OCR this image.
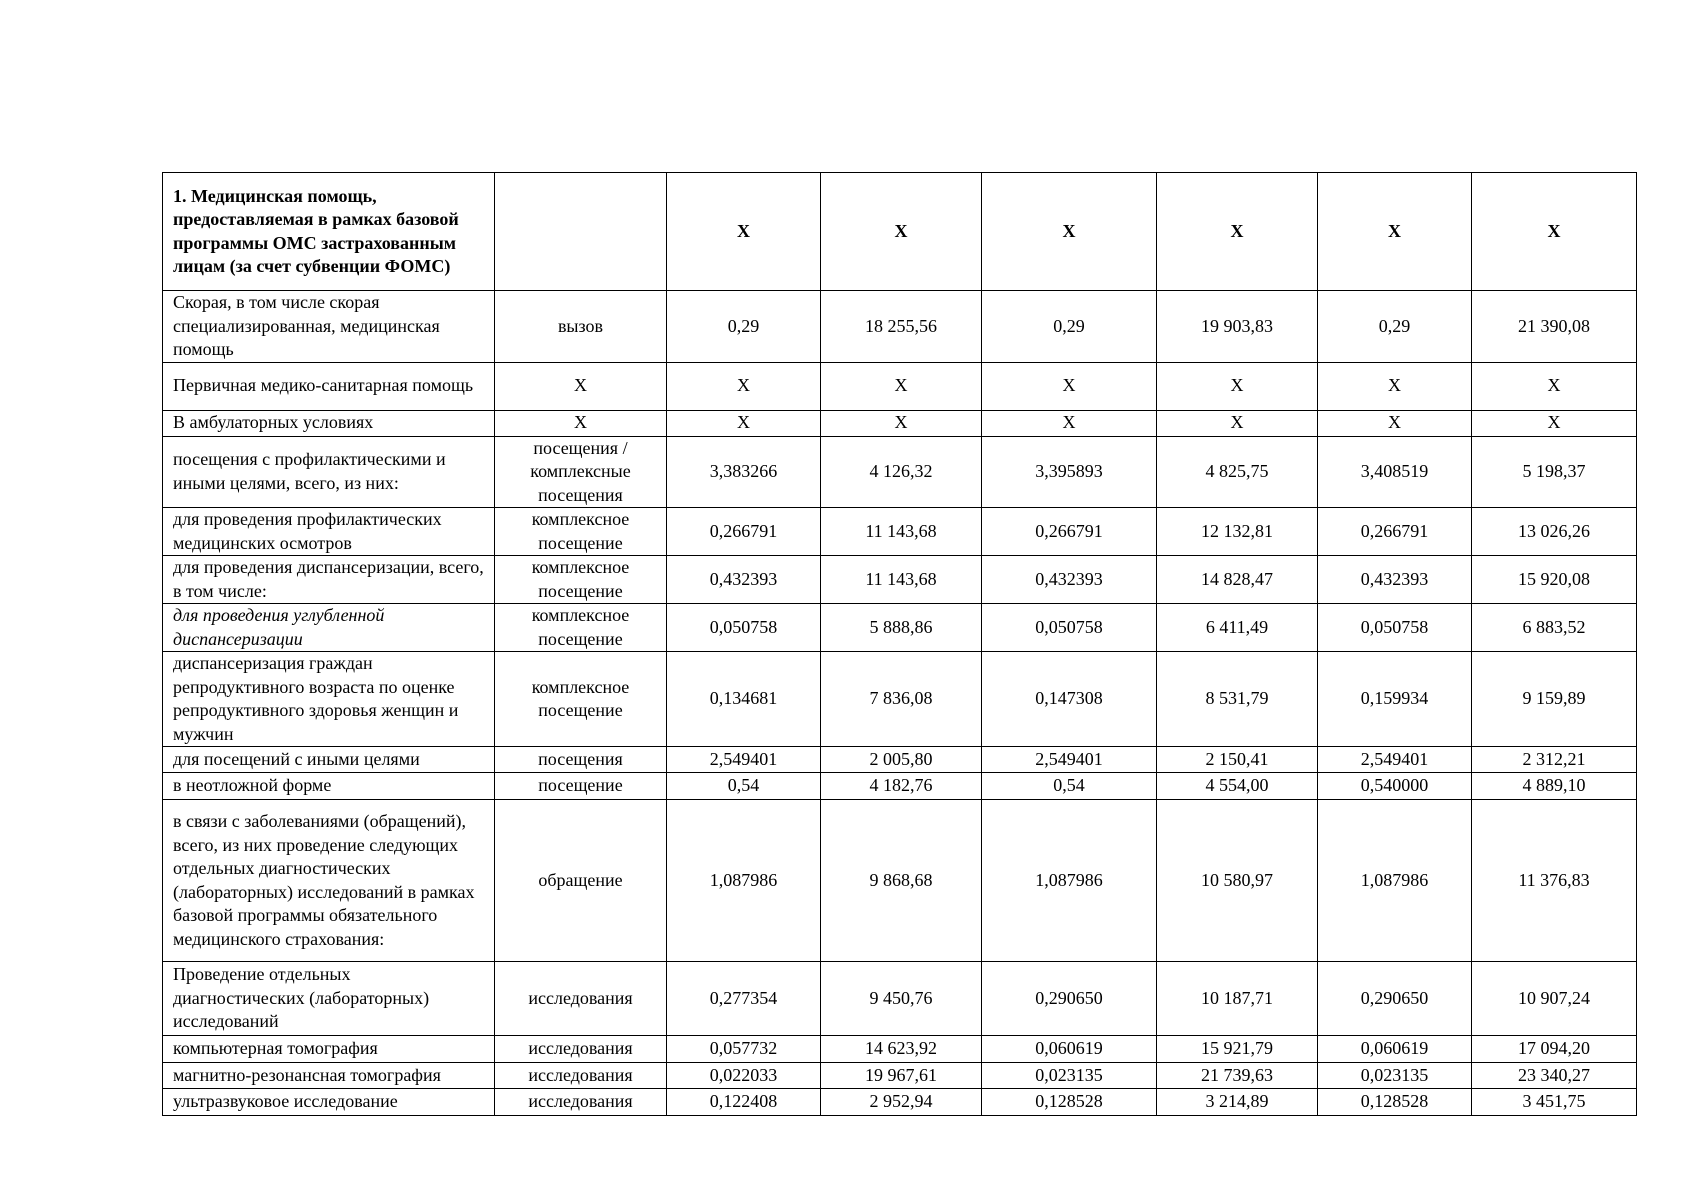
1. Медицинская помощь, предоставляемая в рамках базовой программы ОМС застрахованным лицам (за счет субвенции ФОМС)		X	X	X	X	X	X
Скорая, в том числе скорая специализированная, медицинская помощь	вызов	0,29	18 255,56	0,29	19 903,83	0,29	21 390,08
Первичная медико-санитарная помощь	X	X	X	X	X	X	X
В амбулаторных условиях	X	X	X	X	X	X	X
посещения с профилактическими и иными целями, всего, из них:	посещения / комплексные посещения	3,383266	4 126,32	3,395893	4 825,75	3,408519	5 198,37
для проведения профилактических медицинских осмотров	комплексное посещение	0,266791	11 143,68	0,266791	12 132,81	0,266791	13 026,26
для проведения диспансеризации, всего, в том числе:	комплексное посещение	0,432393	11 143,68	0,432393	14 828,47	0,432393	15 920,08
для проведения углубленной диспансеризации	комплексное посещение	0,050758	5 888,86	0,050758	6 411,49	0,050758	6 883,52
диспансеризация граждан репродуктивного возраста по оценке репродуктивного здоровья женщин и мужчин	комплексное посещение	0,134681	7 836,08	0,147308	8 531,79	0,159934	9 159,89
для посещений с иными целями	посещения	2,549401	2 005,80	2,549401	2 150,41	2,549401	2 312,21
в неотложной форме	посещение	0,54	4 182,76	0,54	4 554,00	0,540000	4 889,10
в связи с заболеваниями (обращений), всего, из них проведение следующих отдельных диагностических (лабораторных) исследований в рамках базовой программы обязательного медицинского страхования:	обращение	1,087986	9 868,68	1,087986	10 580,97	1,087986	11 376,83
Проведение отдельных диагностических (лабораторных) исследований	исследования	0,277354	9 450,76	0,290650	10 187,71	0,290650	10 907,24
компьютерная томография	исследования	0,057732	14 623,92	0,060619	15 921,79	0,060619	17 094,20
магнитно-резонансная томография	исследования	0,022033	19 967,61	0,023135	21 739,63	0,023135	23 340,27
ультразвуковое исследование	исследования	0,122408	2 952,94	0,128528	3 214,89	0,128528	3 451,75
